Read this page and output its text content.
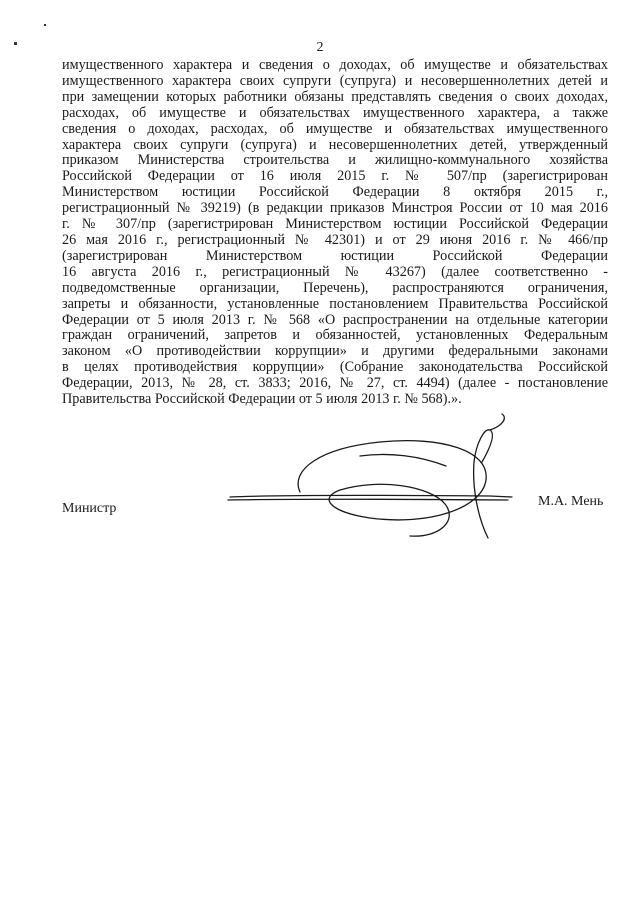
2
имущественного характера и сведения о доходах, об имуществе и обязательствах
имущественного характера своих супруги (супруга) и несовершеннолетних детей и
при замещении которых работники обязаны представлять сведения о своих доходах,
расходах, об имуществе и обязательствах имущественного характера, а также
сведения о доходах, расходах, об имуществе и обязательствах имущественного
характера своих супруги (супруга) и несовершеннолетних детей, утвержденный
приказом Министерства строительства и жилищно-коммунального хозяйства
Российской Федерации от 16 июля 2015 г. № 507/пр (зарегистрирован
Министерством юстиции Российской Федерации 8 октября 2015 г.,
регистрационный № 39219) (в редакции приказов Минстроя России от 10 мая 2016
г. № 307/пр (зарегистрирован Министерством юстиции Российской Федерации
26 мая 2016 г., регистрационный № 42301) и от 29 июня 2016 г. № 466/пр
(зарегистрирован Министерством юстиции Российской Федерации
16 августа 2016 г., регистрационный № 43267) (далее соответственно -
подведомственные организации, Перечень), распространяются ограничения,
запреты и обязанности, установленные постановлением Правительства Российской
Федерации от 5 июля 2013 г. № 568 «О распространении на отдельные категории
граждан ограничений, запретов и обязанностей, установленных Федеральным
законом «О противодействии коррупции» и другими федеральными законами
в целях противодействия коррупции» (Собрание законодательства Российской
Федерации, 2013, № 28, ст. 3833; 2016, № 27, ст. 4494) (далее - постановление
Правительства Российской Федерации от 5 июля 2013 г. № 568).».
Министр	М.А. Мень
